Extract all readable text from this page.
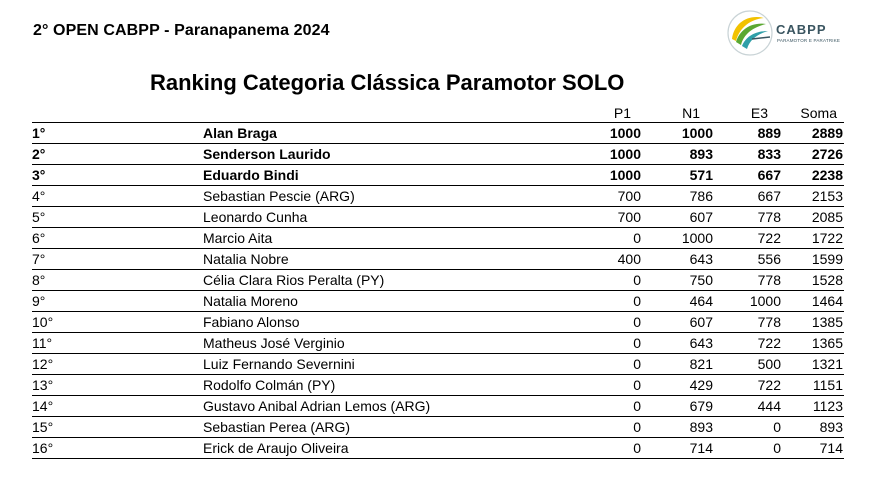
2° OPEN CABPP - Paranapanema 2024	CABPP
PARAMOTOR E PARATRIKE
Ranking Categoria Clássica Paramotor SOLO
		P1	N1	E3	Soma
1°	Alan Braga	1000	1000	889	2889
2°	Senderson Laurido	1000	893	833	2726
3°	Eduardo Bindi	1000	571	667	2238
4°	Sebastian Pescie (ARG)	700	786	667	2153
5°	Leonardo Cunha	700	607	778	2085
6°	Marcio Aita	0	1000	722	1722
7°	Natalia Nobre	400	643	556	1599
8°	Célia Clara Rios Peralta (PY)	0	750	778	1528
9°	Natalia Moreno	0	464	1000	1464
10°	Fabiano Alonso	0	607	778	1385
11°	Matheus José Verginio	0	643	722	1365
12°	Luiz Fernando Severnini	0	821	500	1321
13°	Rodolfo Colmán (PY)	0	429	722	1151
14°	Gustavo Anibal Adrian Lemos (ARG)	0	679	444	1123
15°	Sebastian Perea (ARG)	0	893	0	893
16°	Erick de Araujo Oliveira	0	714	0	714
